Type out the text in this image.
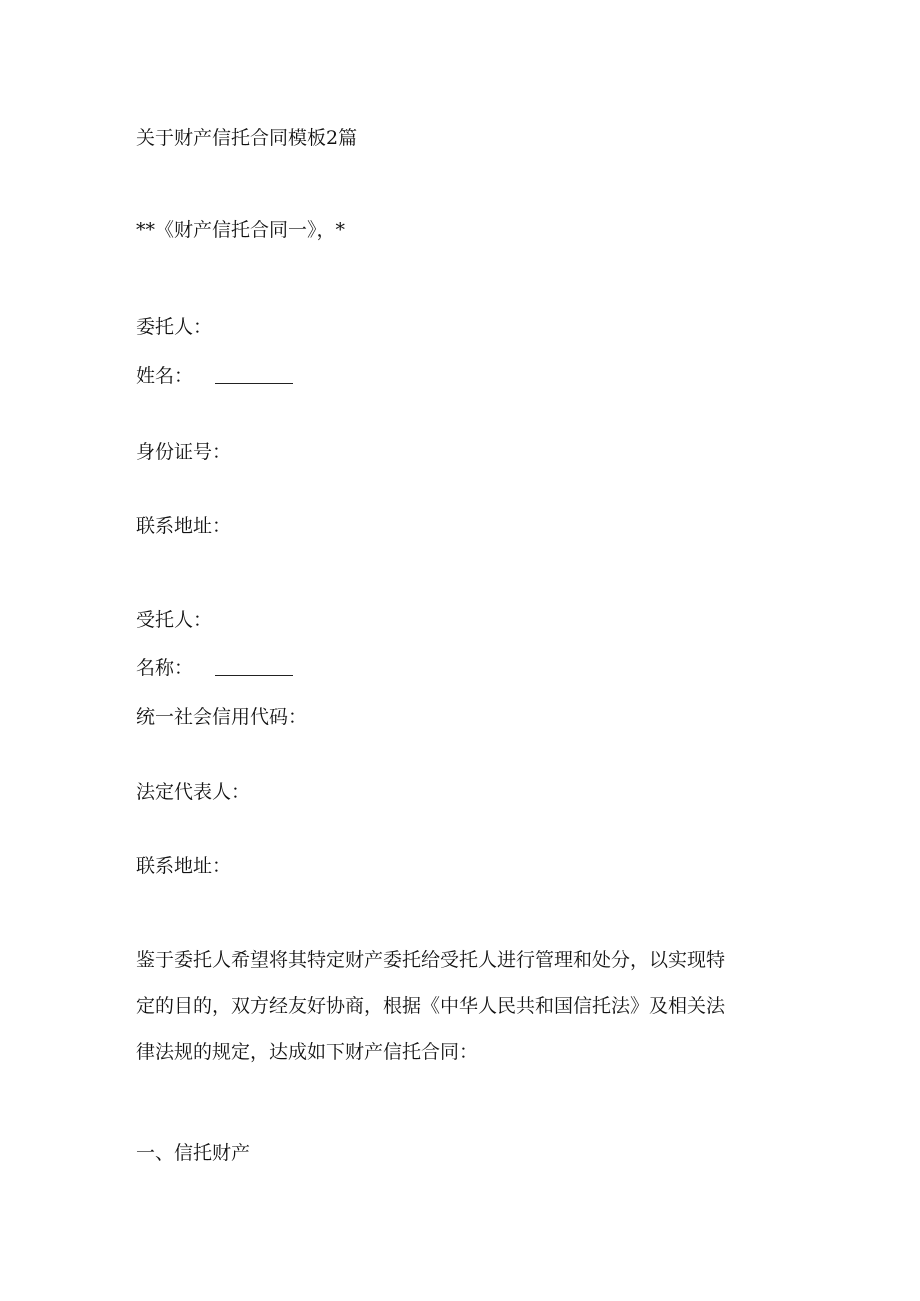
关于财产信托合同模板2篇
**《财产信托合同一》，*
委托人：
姓名：
身份证号：
联系地址：
受托人：
名称：
统一社会信用代码：
法定代表人：
联系地址：
鉴于委托人希望将其特定财产委托给受托人进行管理和处分，以实现特
定的目的，双方经友好协商，根据《中华人民共和国信托法》及相关法
律法规的规定，达成如下财产信托合同：
一、信托财产
